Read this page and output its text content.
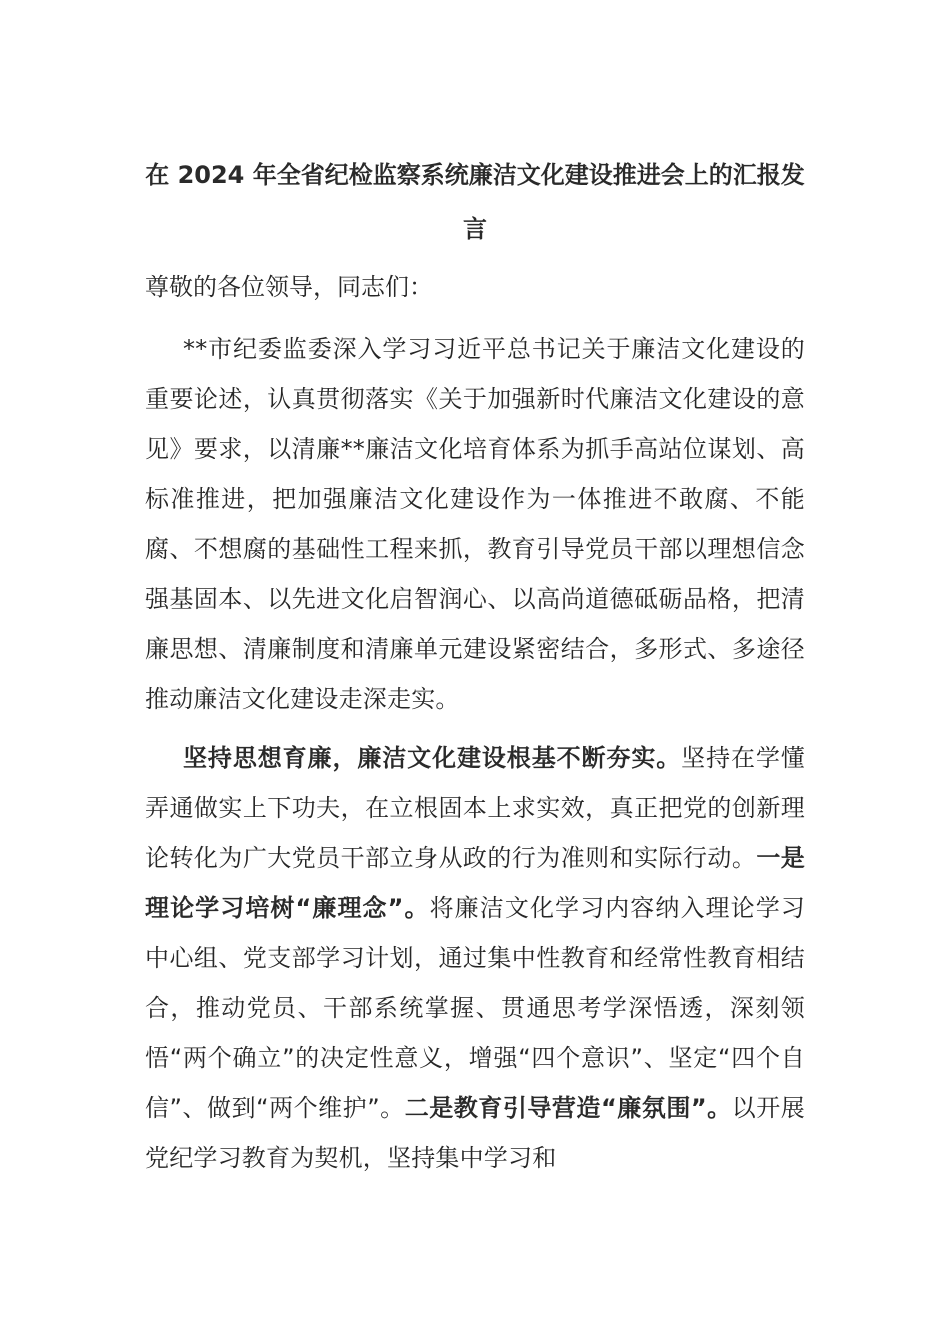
在 2024 年全省纪检监察系统廉洁文化建设推进会上的汇报发言

尊敬的各位领导，同志们：

**市纪委监委深入学习习近平总书记关于廉洁文化建设的重要论述，认真贯彻落实《关于加强新时代廉洁文化建设的意见》要求，以清廉**廉洁文化培育体系为抓手高站位谋划、高标准推进，把加强廉洁文化建设作为一体推进不敢腐、不能腐、不想腐的基础性工程来抓，教育引导党员干部以理想信念强基固本、以先进文化启智润心、以高尚道德砥砺品格，把清廉思想、清廉制度和清廉单元建设紧密结合，多形式、多途径推动廉洁文化建设走深走实。

坚持思想育廉，廉洁文化建设根基不断夯实。坚持在学懂弄通做实上下功夫，在立根固本上求实效，真正把党的创新理论转化为广大党员干部立身从政的行为准则和实际行动。一是理论学习培树“廉理念”。将廉洁文化学习内容纳入理论学习中心组、党支部学习计划，通过集中性教育和经常性教育相结合，推动党员、干部系统掌握、贯通思考学深悟透，深刻领悟“两个确立”的决定性意义，增强“四个意识”、坚定“四个自信”、做到“两个维护”。二是教育引导营造“廉氛围”。以开展党纪学习教育为契机，坚持集中学习和
